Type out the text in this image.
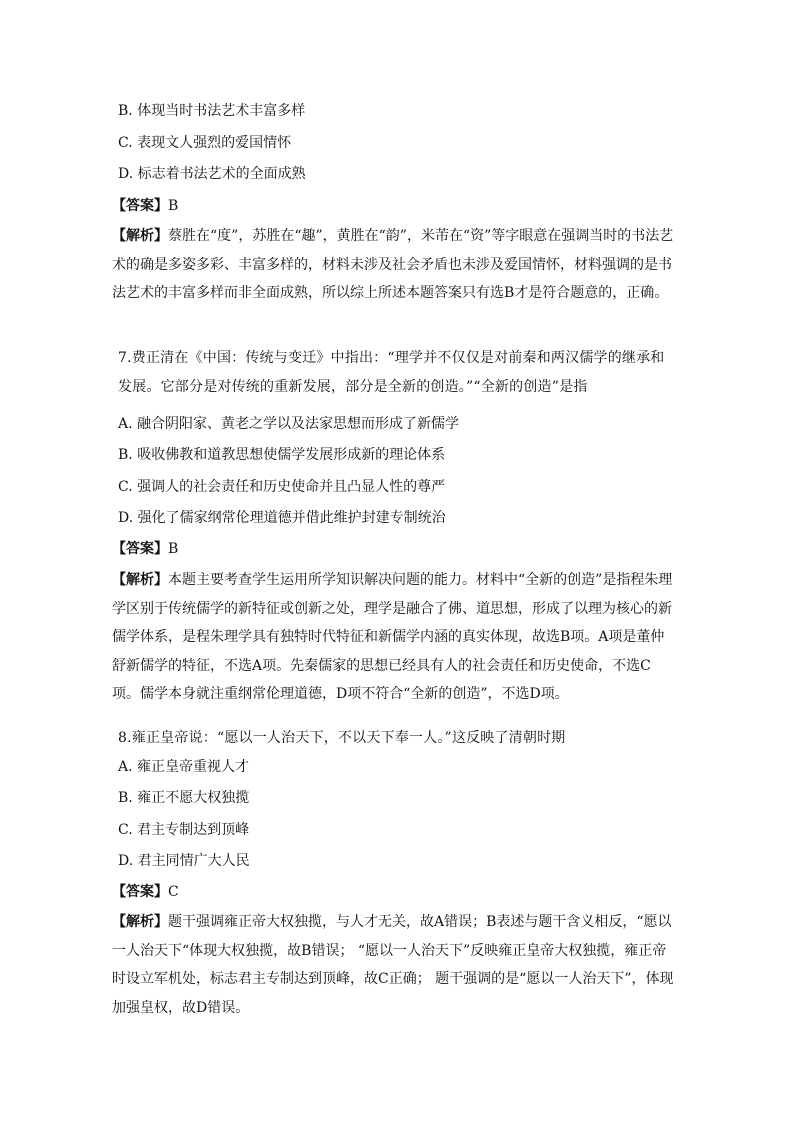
B. 体现当时书法艺术丰富多样
C. 表现文人强烈的爱国情怀
D. 标志着书法艺术的全面成熟
【答案】B
【解析】蔡胜在“度”，苏胜在“趣”，黄胜在“韵”，米芾在“资”等字眼意在强调当时的书法艺术的确是多姿多彩、丰富多样的，材料未涉及社会矛盾也未涉及爱国情怀，材料强调的是书法艺术的丰富多样而非全面成熟，所以综上所述本题答案只有选B才是符合题意的，正确。
7.费正清在《中国：传统与变迁》中指出：“理学并不仅仅是对前秦和两汉儒学的继承和发展。它部分是对传统的重新发展，部分是全新的创造。”“全新的创造”是指
A. 融合阴阳家、黄老之学以及法家思想而形成了新儒学
B. 吸收佛教和道教思想使儒学发展形成新的理论体系
C. 强调人的社会责任和历史使命并且凸显人性的尊严
D. 强化了儒家纲常伦理道德并借此维护封建专制统治
【答案】B
【解析】本题主要考查学生运用所学知识解决问题的能力。材料中“全新的创造”是指程朱理学区别于传统儒学的新特征或创新之处，理学是融合了佛、道思想，形成了以理为核心的新儒学体系，是程朱理学具有独特时代特征和新儒学内涵的真实体现，故选B项。A项是董仲舒新儒学的特征，不选A项。先秦儒家的思想已经具有人的社会责任和历史使命，不选C项。儒学本身就注重纲常伦理道德，D项不符合“全新的创造”，不选D项。
8.雍正皇帝说：“愿以一人治天下，不以天下奉一人。”这反映了清朝时期
A. 雍正皇帝重视人才
B. 雍正不愿大权独揽
C. 君主专制达到顶峰
D. 君主同情广大人民
【答案】C
【解析】题干强调雍正帝大权独揽，与人才无关，故A错误；B表述与题干含义相反，“愿以一人治天下“体现大权独揽，故B错误； “愿以一人治天下”反映雍正皇帝大权独揽，雍正帝时设立军机处，标志君主专制达到顶峰，故C正确； 题干强调的是“愿以一人治天下”，体现加强皇权，故D错误。
